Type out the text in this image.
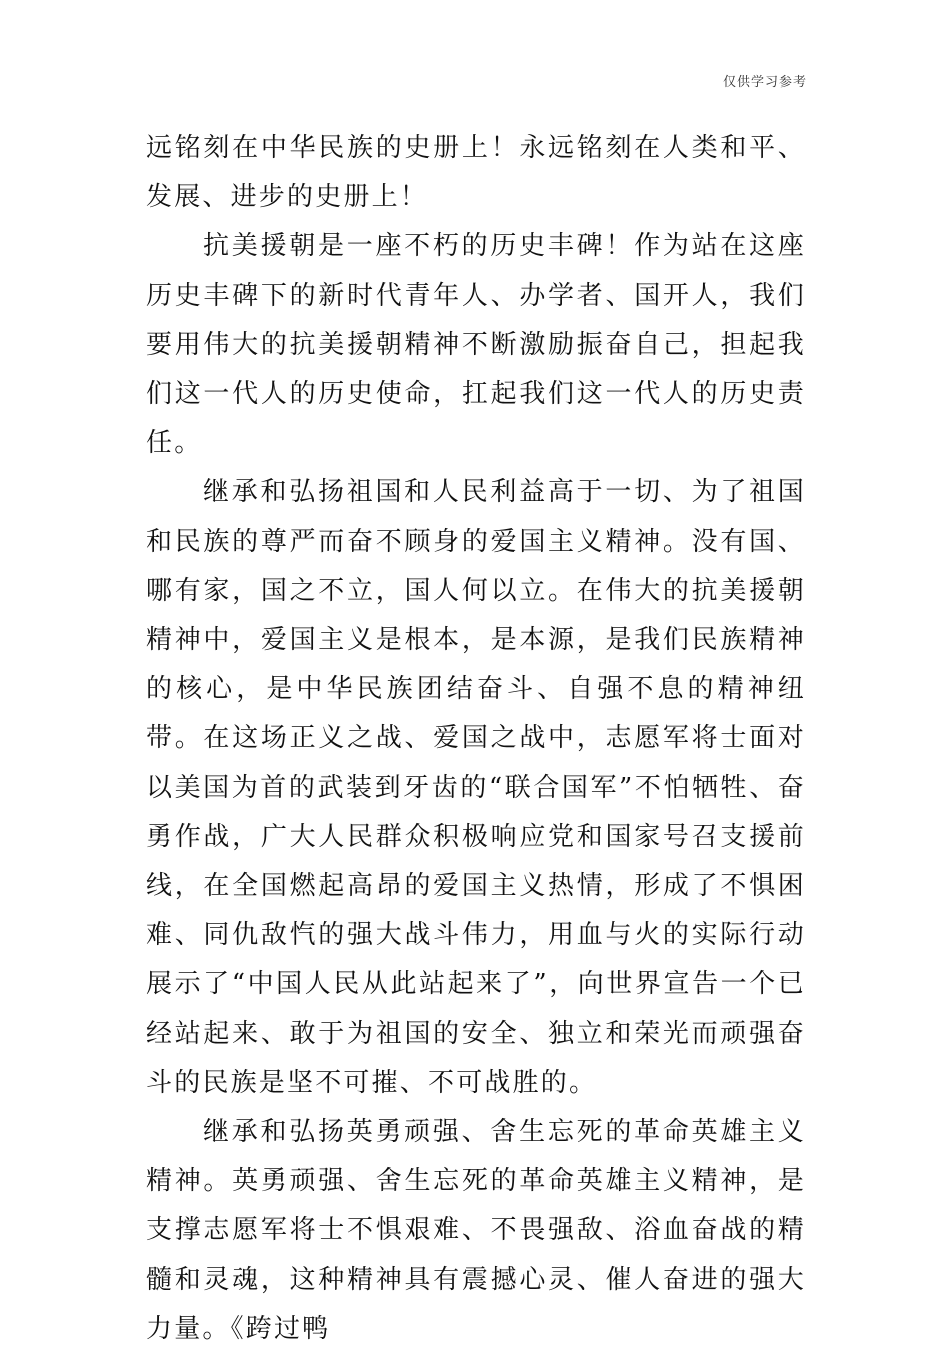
仅供学习参考

远铭刻在中华民族的史册上！永远铭刻在人类和平、发展、进步的史册上！

抗美援朝是一座不朽的历史丰碑！作为站在这座历史丰碑下的新时代青年人、办学者、国开人，我们要用伟大的抗美援朝精神不断激励振奋自己，担起我们这一代人的历史使命，扛起我们这一代人的历史责任。

继承和弘扬祖国和人民利益高于一切、为了祖国和民族的尊严而奋不顾身的爱国主义精神。没有国、哪有家，国之不立，国人何以立。在伟大的抗美援朝精神中，爱国主义是根本，是本源，是我们民族精神的核心，是中华民族团结奋斗、自强不息的精神纽带。在这场正义之战、爱国之战中，志愿军将士面对以美国为首的武装到牙齿的“联合国军”不怕牺牲、奋勇作战，广大人民群众积极响应党和国家号召支援前线，在全国燃起高昂的爱国主义热情，形成了不惧困难、同仇敌忾的强大战斗伟力，用血与火的实际行动展示了“中国人民从此站起来了”，向世界宣告一个已经站起来、敢于为祖国的安全、独立和荣光而顽强奋斗的民族是坚不可摧、不可战胜的。

继承和弘扬英勇顽强、舍生忘死的革命英雄主义精神。英勇顽强、舍生忘死的革命英雄主义精神，是支撑志愿军将士不惧艰难、不畏强敌、浴血奋战的精髓和灵魂，这种精神具有震撼心灵、催人奋进的强大力量。《跨过鸭
